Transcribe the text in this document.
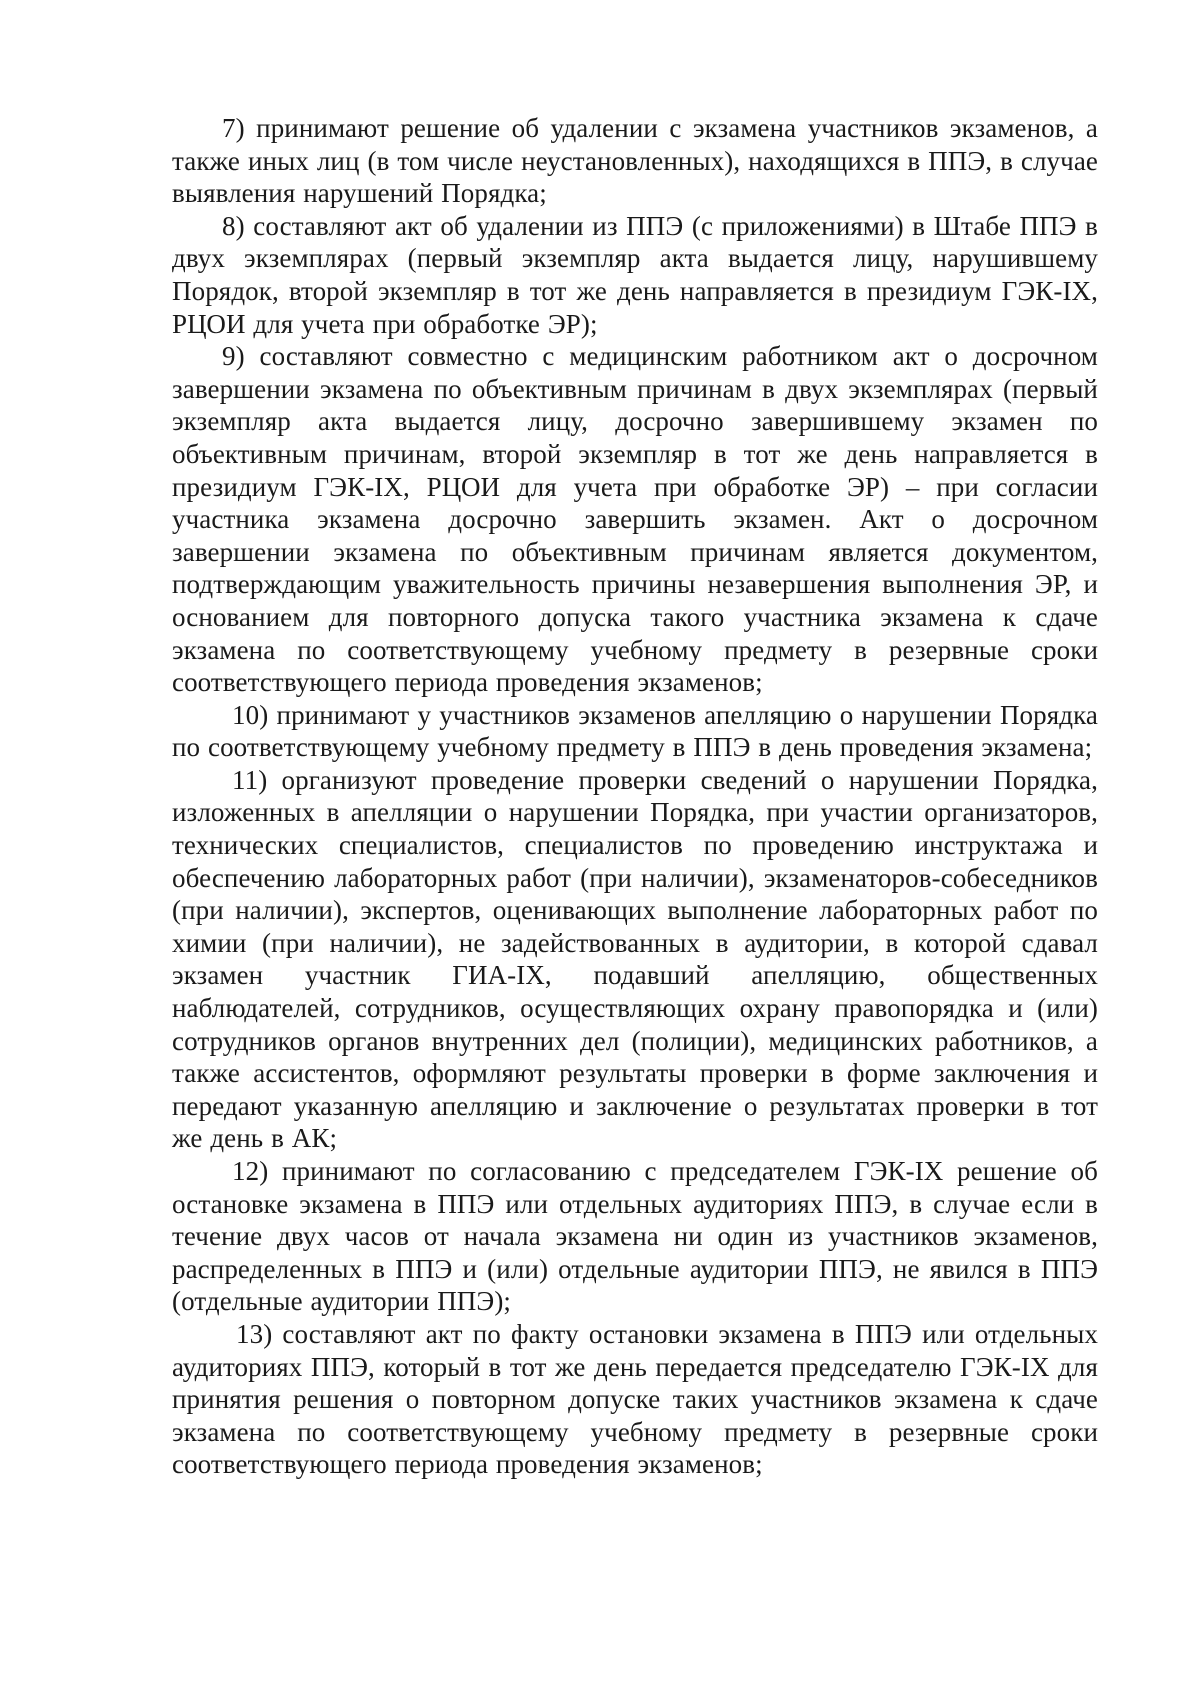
7) принимают решение об удалении с экзамена участников экзаменов, а также иных лиц (в том числе неустановленных), находящихся в ППЭ, в случае выявления нарушений Порядка;

8) составляют акт об удалении из ППЭ (с приложениями) в Штабе ППЭ в двух экземплярах (первый экземпляр акта выдается лицу, нарушившему Порядок, второй экземпляр в тот же день направляется в президиум ГЭК-IX, РЦОИ для учета при обработке ЭР);

9) составляют совместно с медицинским работником акт о досрочном завершении экзамена по объективным причинам в двух экземплярах (первый экземпляр акта выдается лицу, досрочно завершившему экзамен по объективным причинам, второй экземпляр в тот же день направляется в президиум ГЭК-IX, РЦОИ для учета при обработке ЭР) – при согласии участника экзамена досрочно завершить экзамен. Акт о досрочном завершении экзамена по объективным причинам является документом, подтверждающим уважительность причины незавершения выполнения ЭР, и основанием для повторного допуска такого участника экзамена к сдаче экзамена по соответствующему учебному предмету в резервные сроки соответствующего периода проведения экзаменов;

10) принимают у участников экзаменов апелляцию о нарушении Порядка по соответствующему учебному предмету в ППЭ в день проведения экзамена;

11) организуют проведение проверки сведений о нарушении Порядка, изложенных в апелляции о нарушении Порядка, при участии организаторов, технических специалистов, специалистов по проведению инструктажа и обеспечению лабораторных работ (при наличии), экзаменаторов-собеседников (при наличии), экспертов, оценивающих выполнение лабораторных работ по химии (при наличии), не задействованных в аудитории, в которой сдавал экзамен участник ГИА-IX, подавший апелляцию, общественных наблюдателей, сотрудников, осуществляющих охрану правопорядка и (или) сотрудников органов внутренних дел (полиции), медицинских работников, а также ассистентов, оформляют результаты проверки в форме заключения и передают указанную апелляцию и заключение о результатах проверки в тот же день в АК;

12) принимают по согласованию с председателем ГЭК-IX решение об остановке экзамена в ППЭ или отдельных аудиториях ППЭ, в случае если в течение двух часов от начала экзамена ни один из участников экзаменов, распределенных в ППЭ и (или) отдельные аудитории ППЭ, не явился в ППЭ (отдельные аудитории ППЭ);

13) составляют акт по факту остановки экзамена в ППЭ или отдельных аудиториях ППЭ, который в тот же день передается председателю ГЭК-IX для принятия решения о повторном допуске таких участников экзамена к сдаче экзамена по соответствующему учебному предмету в резервные сроки соответствующего периода проведения экзаменов;
